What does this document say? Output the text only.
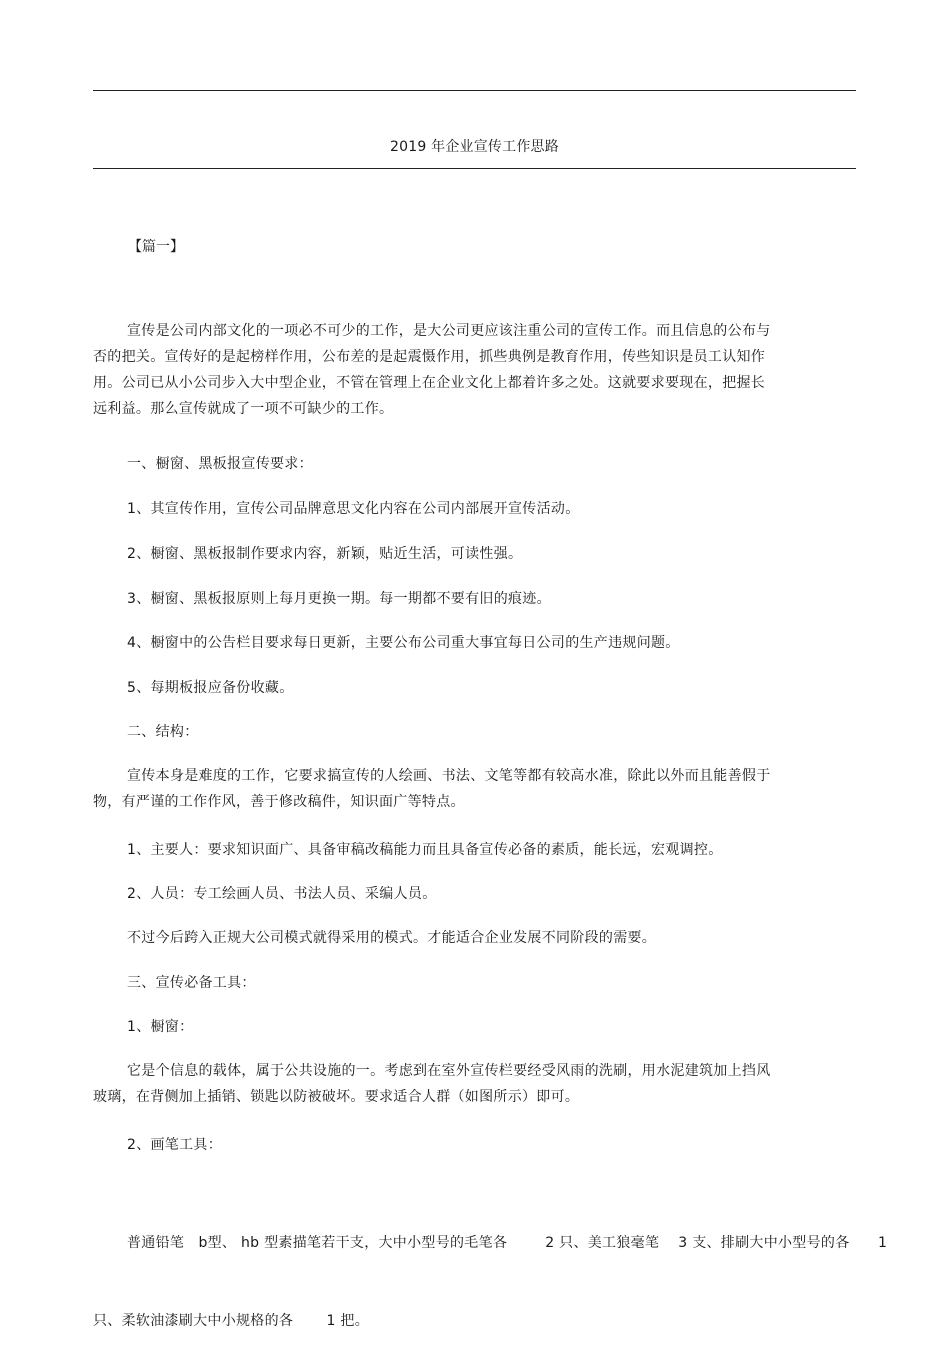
2019 年企业宣传工作思路
【篇一】
宣传是公司内部文化的一项必不可少的工作，是大公司更应该注重公司的宣传工作。而且信息的公布与
否的把关。宣传好的是起榜样作用，公布差的是起震慑作用，抓些典例是教育作用，传些知识是员工认知作
用。公司已从小公司步入大中型企业，不管在管理上在企业文化上都着许多之处。这就要求要现在，把握长
远利益。那么宣传就成了一项不可缺少的工作。
一、橱窗、黑板报宣传要求：
1、其宣传作用，宣传公司品牌意思文化内容在公司内部展开宣传活动。
2、橱窗、黑板报制作要求内容，新颖，贴近生活，可读性强。
3、橱窗、黑板报原则上每月更换一期。每一期都不要有旧的痕迹。
4、橱窗中的公告栏目要求每日更新，主要公布公司重大事宜每日公司的生产违规问题。
5、每期板报应备份收藏。
二、结构：
宣传本身是难度的工作，它要求搞宣传的人绘画、书法、文笔等都有较高水准，除此以外而且能善假于
物，有严谨的工作作风，善于修改稿件，知识面广等特点。
1、主要人：要求知识面广、具备审稿改稿能力而且具备宣传必备的素质，能长远，宏观调控。
2、人员：专工绘画人员、书法人员、采编人员。
不过今后跨入正规大公司模式就得采用的模式。才能适合企业发展不同阶段的需要。
三、宣传必备工具：
1、橱窗：
它是个信息的载体，属于公共设施的一。考虑到在室外宣传栏要经受风雨的洗刷，用水泥建筑加上挡风
玻璃，在背侧加上插销、锁匙以防被破坏。要求适合人群（如图所示）即可。
2、画笔工具：

普通铅笔   b型、 hb 型素描笔若干支，大中小型号的毛笔各        2 只、美工狼毫笔    3 支、排刷大中小型号的各      1

只、柔软油漆刷大中小规格的各       1 把。
